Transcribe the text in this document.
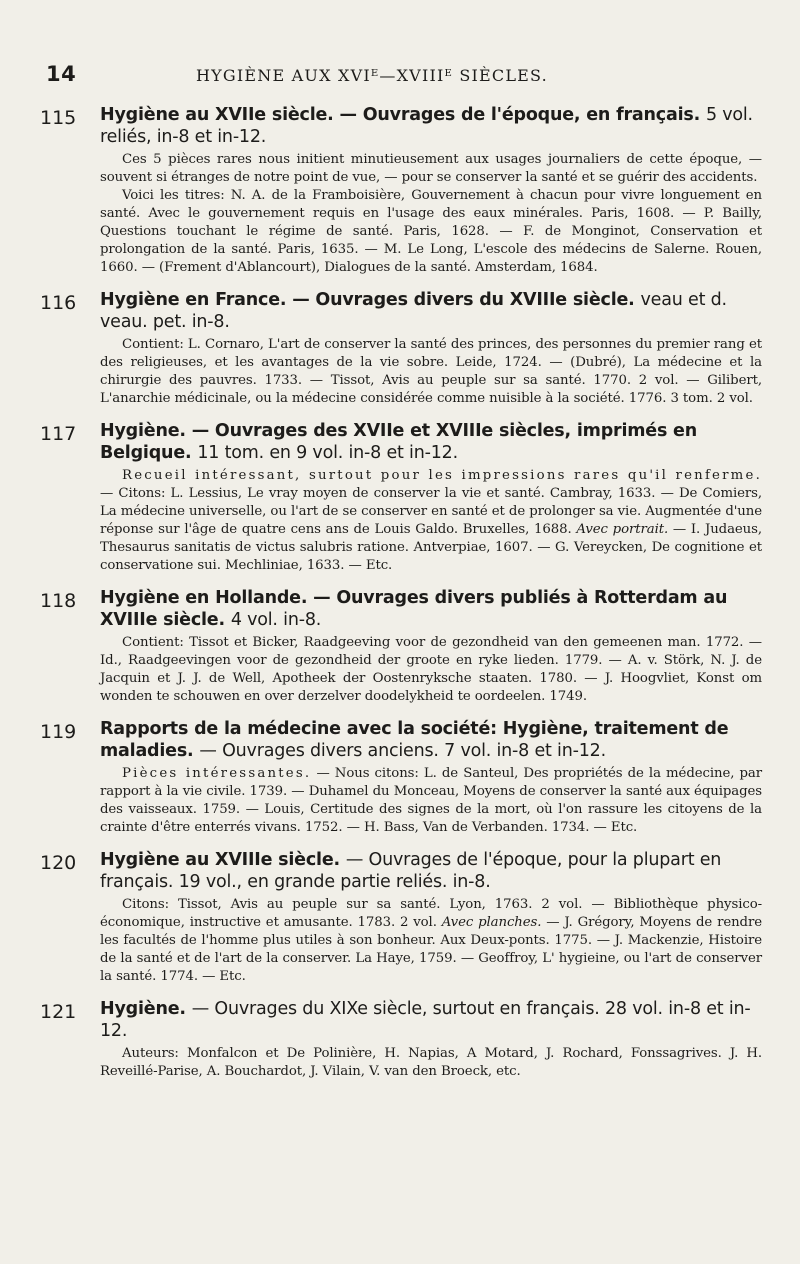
14	HYGIÈNE AUX XVIᴱ—XVIIIᴱ SIÈCLES.
115 Hygiène au XVIIe siècle. — Ouvrages de l'époque, en français. 5 vol. reliés, in-8 et in-12.

Ces 5 pièces rares nous initient minutieusement aux usages journaliers de cette époque, — souvent si étranges de notre point de vue, — pour se conserver la santé et se guérir des accidents.

Voici les titres: N. A. de la Framboisière, Gouvernement à chacun pour vivre longuement en santé. Avec le gouvernement requis en l'usage des eaux minérales. Paris, 1608. — P. Bailly, Questions touchant le régime de santé. Paris, 1628. — F. de Monginot, Conservation et prolongation de la santé. Paris, 1635. — M. Le Long, L'escole des médecins de Salerne. Rouen, 1660. — (Frement d'Ablancourt), Dialogues de la santé. Amsterdam, 1684.

116 Hygiène en France. — Ouvrages divers du XVIIIe siècle. veau et d. veau. pet. in-8.

Contient: L. Cornaro, L'art de conserver la santé des princes, des personnes du premier rang et des religieuses, et les avantages de la vie sobre. Leide, 1724. — (Dubré), La médecine et la chirurgie des pauvres. 1733. — Tissot, Avis au peuple sur sa santé. 1770. 2 vol. — Gilibert, L'anarchie médicinale, ou la médecine considérée comme nuisible à la société. 1776. 3 tom. 2 vol.

117 Hygiène. — Ouvrages des XVIIe et XVIIIe siècles, imprimés en Belgique. 11 tom. en 9 vol. in-8 et in-12.

Recueil intéressant, surtout pour les impressions rares qu'il renferme. — Citons: L. Lessius, Le vray moyen de conserver la vie et santé. Cambray, 1633. — De Comiers, La médecine universelle, ou l'art de se conserver en santé et de prolonger sa vie. Augmentée d'une réponse sur l'âge de quatre cens ans de Louis Galdo. Bruxelles, 1688. Avec portrait. — I. Judaeus, Thesaurus sanitatis de victus salubris ratione. Antverpiae, 1607. — G. Vereycken, De cognitione et conservatione sui. Mechliniae, 1633. — Etc.

118 Hygiène en Hollande. — Ouvrages divers publiés à Rotterdam au XVIIIe siècle. 4 vol. in-8.

Contient: Tissot et Bicker, Raadgeeving voor de gezondheid van den gemeenen man. 1772. — Id., Raadgeevingen voor de gezondheid der groote en ryke lieden. 1779. — A. v. Störk, N. J. de Jacquin et J. J. de Well, Apotheek der Oostenryksche staaten. 1780. — J. Hoogvliet, Konst om wonden te schouwen en over derzelver doodelykheid te oordeelen. 1749.

119 Rapports de la médecine avec la société: Hygiène, traitement de maladies. — Ouvrages divers anciens. 7 vol. in-8 et in-12.

Pièces intéressantes. — Nous citons: L. de Santeul, Des propriétés de la médecine, par rapport à la vie civile. 1739. — Duhamel du Monceau, Moyens de conserver la santé aux équipages des vaisseaux. 1759. — Louis, Certitude des signes de la mort, où l'on rassure les citoyens de la crainte d'être enterrés vivans. 1752. — H. Bass, Van de Verbanden. 1734. — Etc.

120 Hygiène au XVIIIe siècle. — Ouvrages de l'époque, pour la plupart en français. 19 vol., en grande partie reliés. in-8.

Citons: Tissot, Avis au peuple sur sa santé. Lyon, 1763. 2 vol. — Bibliothèque physico-économique, instructive et amusante. 1783. 2 vol. Avec planches. — J. Grégory, Moyens de rendre les facultés de l'homme plus utiles à son bonheur. Aux Deux-ponts. 1775. — J. Mackenzie, Histoire de la santé et de l'art de la conserver. La Haye, 1759. — Geoffroy, L' hygieine, ou l'art de conserver la santé. 1774. — Etc.

121 Hygiène. — Ouvrages du XIXe siècle, surtout en français. 28 vol. in-8 et in-12.

Auteurs: Monfalcon et De Polinière, H. Napias, A Motard, J. Rochard, Fonssagrives. J. H. Reveillé-Parise, A. Bouchardot, J. Vilain, V. van den Broeck, etc.
